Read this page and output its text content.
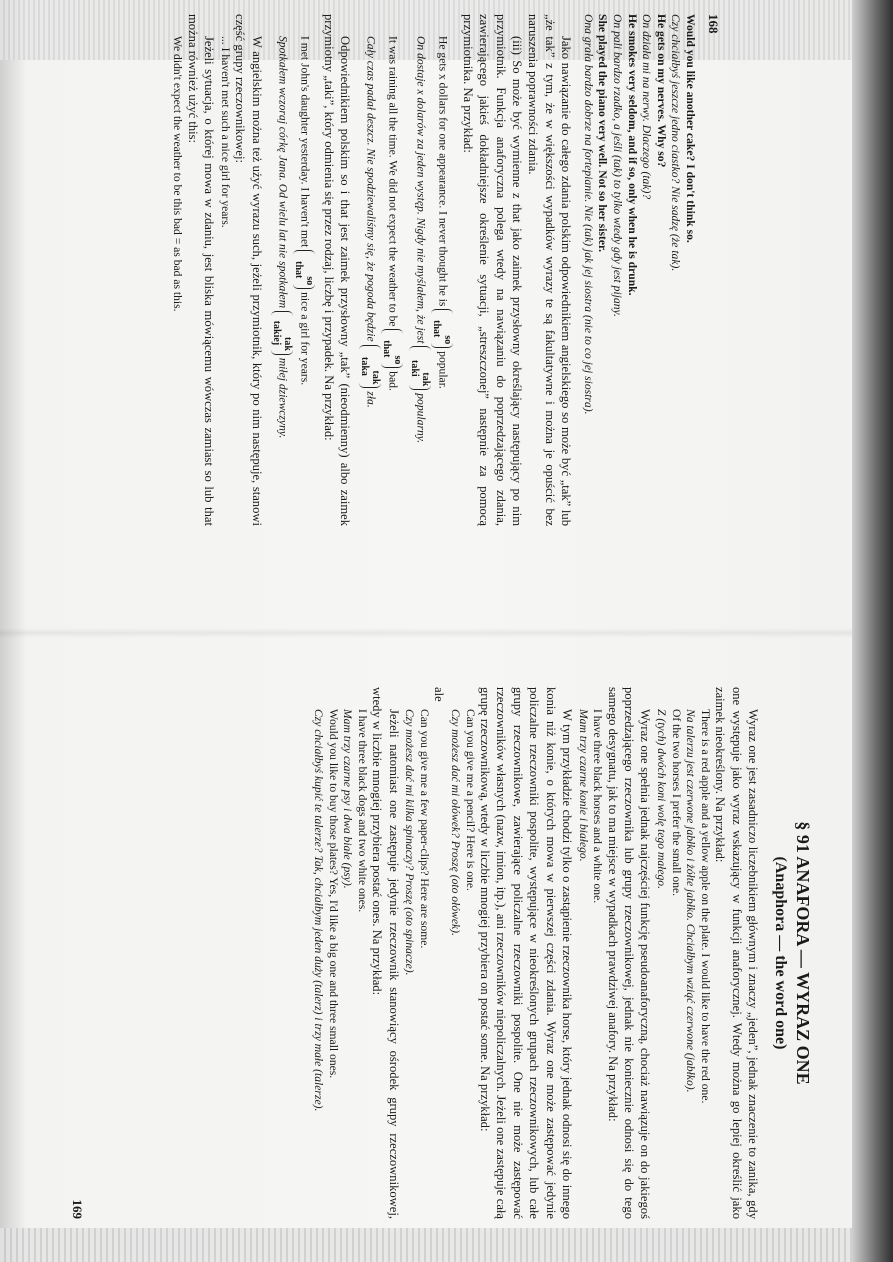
168
Would you like another cake? I don't think so.
Czy chciałbyś jeszcze jedno ciastko? Nie sadzę (że tak).
He gets on my nerves. Why so?
On działa mi na nerwy. Dlaczego (tak)?
He smokes very seldom, and if so, only when he is drunk.
On pali bardzo rzadko, a jeśli (tak) to tylko wtedy gdy jest pijany.
She played the piano very well. Not so her sister.
Ona grała bardzo dobrze na fortepianie. Nie (tak) jak jej siostra (nie to co jej siostra).

Jako nawiązanie do całego zdania polskim odpowiednikiem angielskiego so może być „tak” lub „że tak” z tym, że w większości wypadków wyrazy te są fakultatywne i można je opuścić bez naruszenia poprawności zdania.

(iii) So może być wymienne z that jako zaimek przysłowny określający następujący po nim przymiotnik. Funkcja anaforyczna polega wtedy na nawiązaniu do poprzedzającego zdania, zawierającego jakieś dokładniejsze określenie sytuacji, „streszczonej” następnie za pomocą przymiotnika. Na przykład:

He gets x dollars for one appearance. I never thought he is so
that popular.
On dostaje x dolarów za jeden występ. Nigdy nie myślałem, że jest tak
taki popularny.
It was raining all the time. We did not expect the weather to be so
that bad.
Cały czas padał deszcz. Nie spodziewaliśmy się, że pogoda będzie tak
taka zła.

Odpowiednikiem polskim so i that jest zaimek przysłowny „tak” (nieodmienny) albo zaimek przymiotny „taki”, który odmienia się przez rodzaj, liczbę i przypadek. Na przykład:

I met John's daughter yesterday. I haven't met so
that nice a girl for years.
Spotkałem wczoraj córkę Jana. Od wielu lat nie spotkałem tak
takiej miłej dziewczyny.

W angielskim można też użyć wyrazu such, jeżeli przymiotnik, który po nim następuje, stanowi część grupy rzeczownikowej:

... I haven't met such a nice girl for years.

Jeżeli sytuacja, o której mowa w zdaniu, jest bliska mówiącemu wówczas zamiast so lub that można również użyć this:

We didn't expect the weather to be this bad = as bad as this.
§ 91 ANAFORA — WYRAZ ONE
(Anaphora — the word one)

Wyraz one jest zasadniczo liczebnikiem głównym i znaczy „jeden”, jednak znaczenie to zanika, gdy one występuje jako wyraz wskazujący w funkcji anaforycznej. Wtedy można go lepiej określić jako zaimek nieokreślony. Na przykład:

There is a red apple and a yellow apple on the plate. I would like to have the red one.
Na talerzu jest czerwone jabłko i żółte jabłko. Chciałbym wziąć czerwone (jabłko).
Of the two horses I prefer the small one.
Z (tych) dwóch koni wolę tego małego.

Wyraz one spełnia jednak najczęściej funkcję pseudoanaforyczną, chociaż nawiązuje on do jakiegoś poprzedzającego rzeczownika lub grupy rzeczownikowej, jednak nie koniecznie odnosi się do tego samego desygnatu, jak to ma miejsce w wypadkach prawdziwej anafory. Na przykład:

I have three black horses and a white one.
Mam trzy czarne konie i białego.

W tym przykładzie chodzi tylko o zastąpienie rzeczownika horse, który jednak odnosi się do innego konia niż konie, o których mowa w pierwszej części zdania. Wyraz one może zastępować jedynie policzalne rzeczowniki pospolite, występujące w nieokreślonych grupach rzeczownikowych, lub całe grupy rzeczownikowe, zawierające policzalne rzeczowniki pospolite. One nie może zastępować rzeczowników własnych (nazw, imion, itp.), ani rzeczowników niepoliczalnych. Jeżeli one zastępuje całą grupę rzeczownikową, wtedy w liczbie mnogiej przybiera on postać some. Na przykład:

Can you give me a pencil? Here is one.
Czy możesz dać mi ołówek? Proszę (oto ołówek).

ale

Can you give me a few paper-clips? Here are some.
Czy możesz dać mi kilka spinaczy? Proszę (oto spinacze).

Jeżeli natomiast one zastępuje jedynie rzeczownik stanowiący ośrodek grupy rzeczownikowej, wtedy w liczbie mnogiej przybiera postać ones. Na przykład:

I have three black dogs and two white ones.
Mam trzy czarne psy i dwa białe (psy).
Would you like to buy those plates? Yes, I'd like a big one and three small ones.
Czy chciałbyś kupić te talerze? Tak, chciałbym jeden duży (talerz) i trzy małe (talerze).
169
